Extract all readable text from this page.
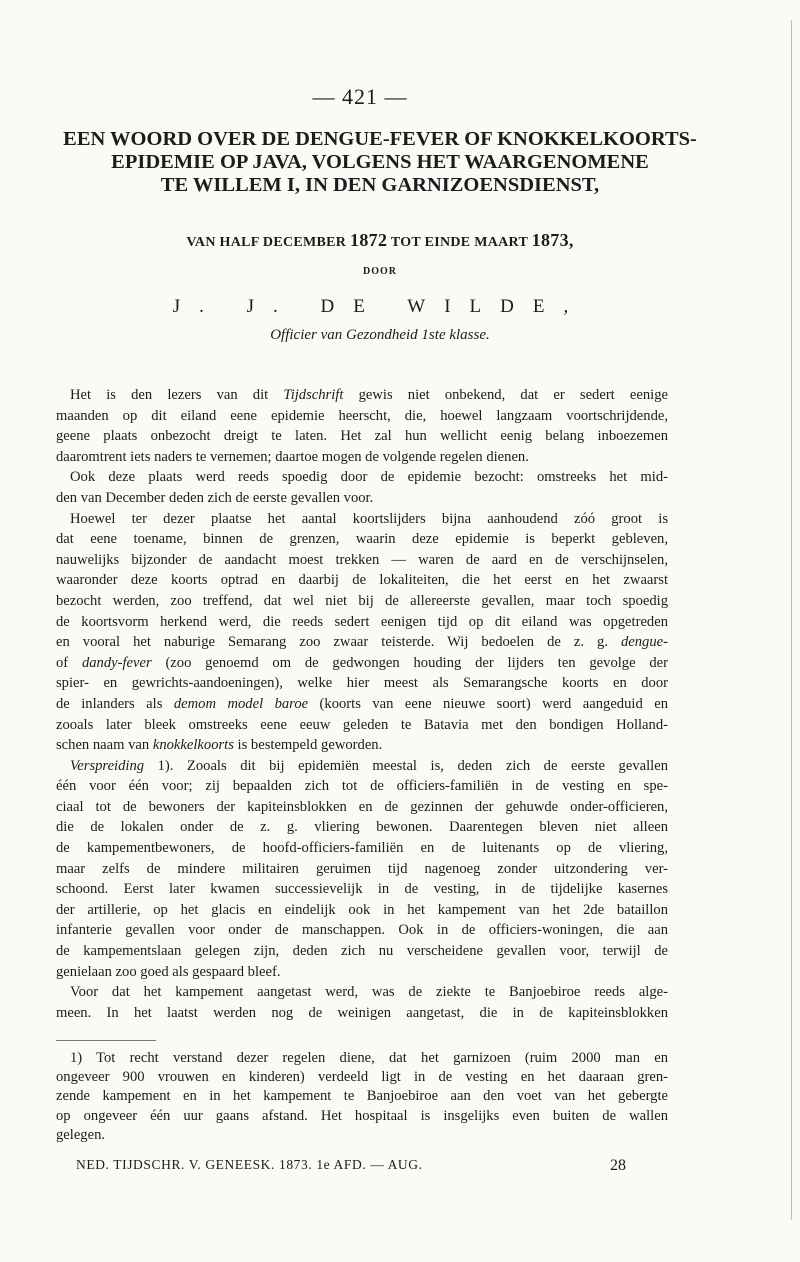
— 421 —
EEN WOORD OVER DE DENGUE-FEVER OF KNOKKELKOORTS-
EPIDEMIE OP JAVA, VOLGENS HET WAARGENOMENE
TE WILLEM I, IN DEN GARNIZOENSDIENST,
VAN HALF DECEMBER 1872 TOT EINDE MAART 1873,
DOOR
J. J. DE WILDE,
Officier van Gezondheid 1ste klasse.
Het is den lezers van dit Tijdschrift gewis niet onbekend, dat er sedert eenige
maanden op dit eiland eene epidemie heerscht, die, hoewel langzaam voortschrijdende,
geene plaats onbezocht dreigt te laten. Het zal hun wellicht eenig belang inboezemen
daaromtrent iets naders te vernemen; daartoe mogen de volgende regelen dienen.
Ook deze plaats werd reeds spoedig door de epidemie bezocht: omstreeks het mid-
den van December deden zich de eerste gevallen voor.
Hoewel ter dezer plaatse het aantal koortslijders bijna aanhoudend zóó groot is
dat eene toename, binnen de grenzen, waarin deze epidemie is beperkt gebleven,
nauwelijks bijzonder de aandacht moest trekken — waren de aard en de verschijnselen,
waaronder deze koorts optrad en daarbij de lokaliteiten, die het eerst en het zwaarst
bezocht werden, zoo treffend, dat wel niet bij de allereerste gevallen, maar toch spoedig
de koortsvorm herkend werd, die reeds sedert eenigen tijd op dit eiland was opgetreden
en vooral het naburige Semarang zoo zwaar teisterde. Wij bedoelen de z. g. dengue-
of dandy-fever (zoo genoemd om de gedwongen houding der lijders ten gevolge der
spier- en gewrichts-aandoeningen), welke hier meest als Semarangsche koorts en door
de inlanders als demom model baroe (koorts van eene nieuwe soort) werd aangeduid en
zooals later bleek omstreeks eene eeuw geleden te Batavia met den bondigen Holland-
schen naam van knokkelkoorts is bestempeld geworden.
Verspreiding 1). Zooals dit bij epidemiën meestal is, deden zich de eerste gevallen
één voor één voor; zij bepaalden zich tot de officiers-familiën in de vesting en spe-
ciaal tot de bewoners der kapiteinsblokken en de gezinnen der gehuwde onder-officieren,
die de lokalen onder de z. g. vliering bewonen. Daarentegen bleven niet alleen
de kampementbewoners, de hoofd-officiers-familiën en de luitenants op de vliering,
maar zelfs de mindere militairen geruimen tijd nagenoeg zonder uitzondering ver-
schoond. Eerst later kwamen successievelijk in de vesting, in de tijdelijke kasernes
der artillerie, op het glacis en eindelijk ook in het kampement van het 2de bataillon
infanterie gevallen voor onder de manschappen. Ook in de officiers-woningen, die aan
de kampementslaan gelegen zijn, deden zich nu verscheidene gevallen voor, terwijl de
genielaan zoo goed als gespaard bleef.
Voor dat het kampement aangetast werd, was de ziekte te Banjoebiroe reeds alge-
meen. In het laatst werden nog de weinigen aangetast, die in de kapiteinsblokken
1) Tot recht verstand dezer regelen diene, dat het garnizoen (ruim 2000 man en
ongeveer 900 vrouwen en kinderen) verdeeld ligt in de vesting en het daaraan gren-
zende kampement en in het kampement te Banjoebiroe aan den voet van het gebergte
op ongeveer één uur gaans afstand. Het hospitaal is insgelijks even buiten de wallen
gelegen.
NED. TIJDSCHR. V. GENEESK. 1873. 1e AFD. — AUG.	28
